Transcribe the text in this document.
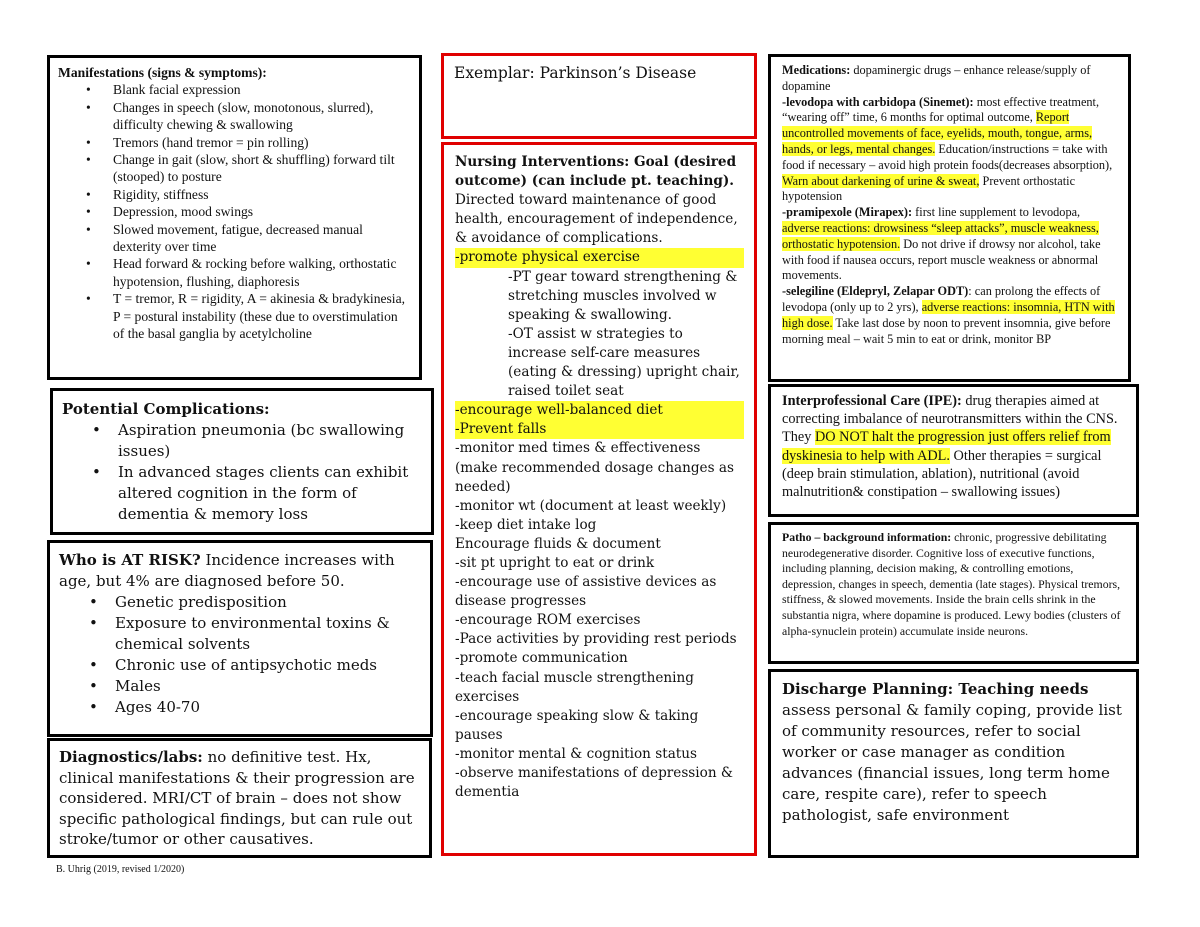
Manifestations (signs & symptoms):
• Blank facial expression
• Changes in speech (slow, monotonous, slurred), difficulty chewing & swallowing
• Tremors (hand tremor = pin rolling)
• Change in gait (slow, short & shuffling) forward tilt (stooped) to posture
• Rigidity, stiffness
• Depression, mood swings
• Slowed movement, fatigue, decreased manual dexterity over time
• Head forward & rocking before walking, orthostatic hypotension, flushing, diaphoresis
• T = tremor, R = rigidity, A = akinesia & bradykinesia, P = postural instability (these due to overstimulation of the basal ganglia by acetylcholine
Potential Complications:
• Aspiration pneumonia (bc swallowing issues)
• In advanced stages clients can exhibit altered cognition in the form of dementia & memory loss
Who is AT RISK? Incidence increases with age, but 4% are diagnosed before 50.
• Genetic predisposition
• Exposure to environmental toxins & chemical solvents
• Chronic use of antipsychotic meds
• Males
• Ages 40-70
Diagnostics/labs: no definitive test. Hx, clinical manifestations & their progression are considered. MRI/CT of brain – does not show specific pathological findings, but can rule out stroke/tumor or other causatives.
B. Uhrig (2019, revised 1/2020)
Exemplar: Parkinson’s Disease
Nursing Interventions: Goal (desired outcome) (can include pt. teaching).
Directed toward maintenance of good health, encouragement of independence, & avoidance of complications.
-promote physical exercise
-PT gear toward strengthening & stretching muscles involved w speaking & swallowing.
-OT assist w strategies to increase self-care measures (eating & dressing) upright chair, raised toilet seat
-encourage well-balanced diet
-Prevent falls
-monitor med times & effectiveness (make recommended dosage changes as needed)
-monitor wt (document at least weekly)
-keep diet intake log
Encourage fluids & document
-sit pt upright to eat or drink
-encourage use of assistive devices as disease progresses
-encourage ROM exercises
-Pace activities by providing rest periods
-promote communication
-teach facial muscle strengthening exercises
-encourage speaking slow & taking pauses
-monitor mental & cognition status
-observe manifestations of depression & dementia
Medications: dopaminergic drugs – enhance release/supply of dopamine
-levodopa with carbidopa (Sinemet): most effective treatment, “wearing off” time, 6 months for optimal outcome, Report uncontrolled movements of face, eyelids, mouth, tongue, arms, hands, or legs, mental changes. Education/instructions = take with food if necessary – avoid high protein foods(decreases absorption), Warn about darkening of urine & sweat, Prevent orthostatic hypotension
-pramipexole (Mirapex): first line supplement to levodopa, adverse reactions: drowsiness “sleep attacks”, muscle weakness, orthostatic hypotension. Do not drive if drowsy nor alcohol, take with food if nausea occurs, report muscle weakness or abnormal movements.
-selegiline (Eldepryl, Zelapar ODT): can prolong the effects of levodopa (only up to 2 yrs), adverse reactions: insomnia, HTN with high dose. Take last dose by noon to prevent insomnia, give before morning meal – wait 5 min to eat or drink, monitor BP
Interprofessional Care (IPE): drug therapies aimed at correcting imbalance of neurotransmitters within the CNS. They DO NOT halt the progression just offers relief from dyskinesia to help with ADL. Other therapies = surgical (deep brain stimulation, ablation), nutritional (avoid malnutrition& constipation – swallowing issues)
Patho – background information: chronic, progressive debilitating neurodegenerative disorder. Cognitive loss of executive functions, including planning, decision making, & controlling emotions, depression, changes in speech, dementia (late stages). Physical tremors, stiffness, & slowed movements. Inside the brain cells shrink in the substantia nigra, where dopamine is produced. Lewy bodies (clusters of alpha-synuclein protein) accumulate inside neurons.
Discharge Planning: Teaching needs assess personal & family coping, provide list of community resources, refer to social worker or case manager as condition advances (financial issues, long term home care, respite care), refer to speech pathologist, safe environment
